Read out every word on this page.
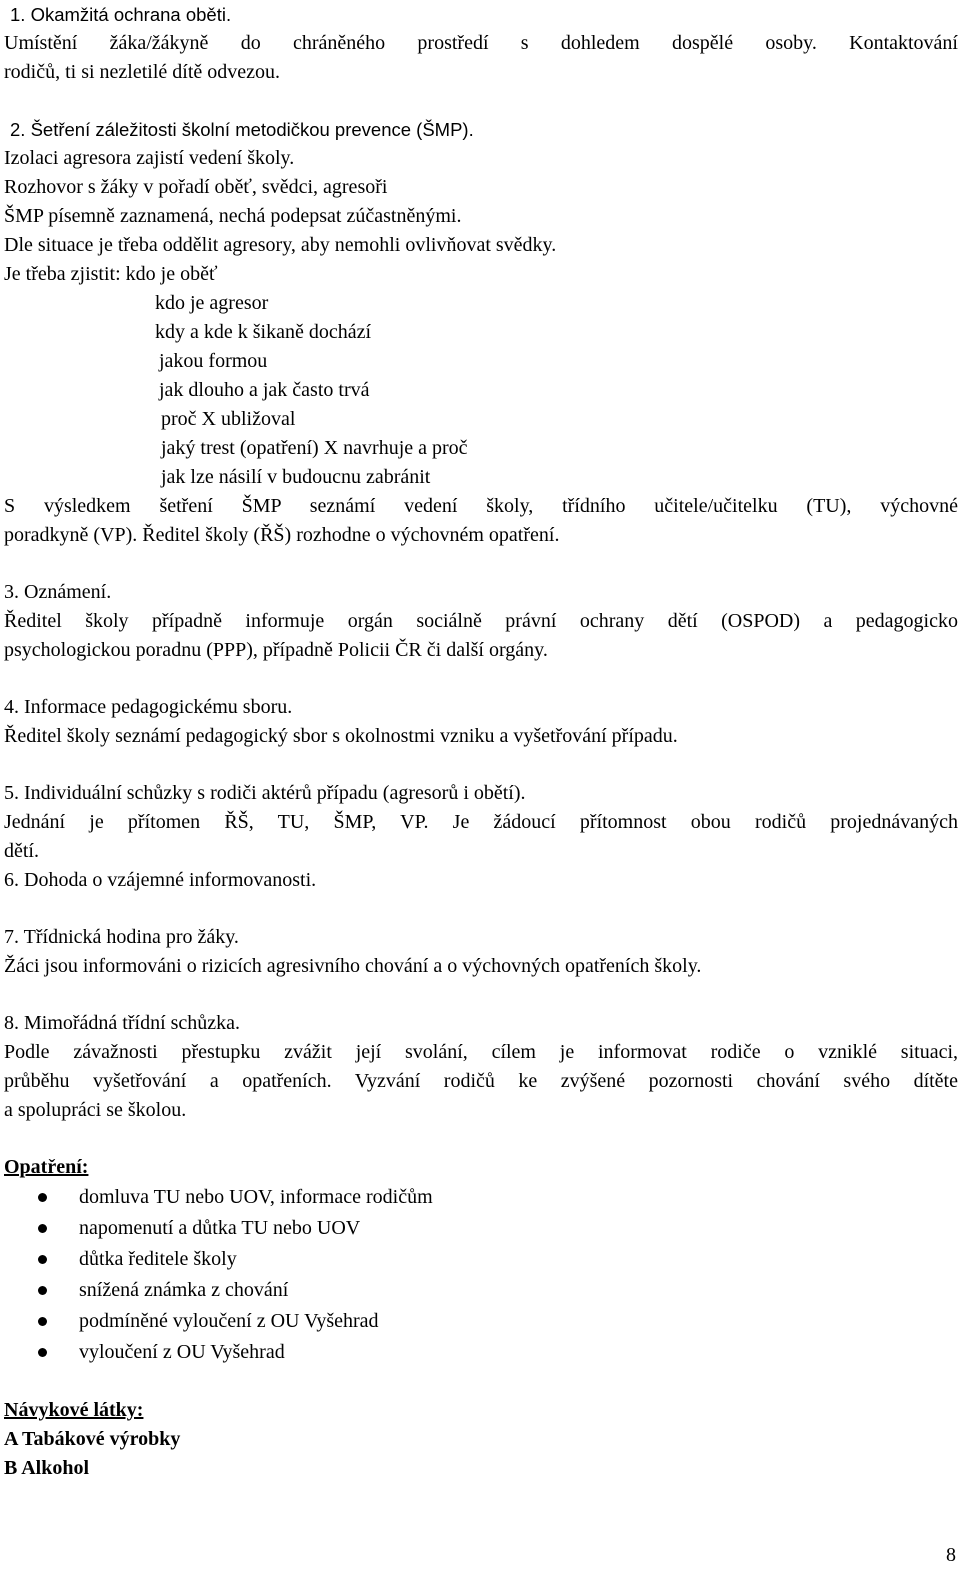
1. Okamžitá ochrana oběti.
Umístění žáka/žákyně do chráněného prostředí s dohledem dospělé osoby. Kontaktování
rodičů, ti si nezletilé dítě odvezou.
2. Šetření záležitosti školní metodičkou prevence (ŠMP).
Izolaci agresora zajistí vedení školy.
Rozhovor s žáky v pořadí oběť, svědci, agresoři
ŠMP písemně zaznamená, nechá podepsat zúčastněnými.
Dle situace je třeba oddělit agresory, aby nemohli ovlivňovat svědky.
Je třeba zjistit: kdo je oběť
kdo je agresor
kdy a kde k šikaně dochází
jakou formou
jak dlouho a jak často trvá
proč X ubližoval
jaký trest (opatření) X navrhuje a proč
jak lze násilí v budoucnu zabránit
S výsledkem šetření ŠMP seznámí vedení školy, třídního učitele/učitelku (TU), výchovné
poradkyně (VP). Ředitel školy (ŘŠ) rozhodne o výchovném opatření.
3. Oznámení.
Ředitel školy případně informuje orgán sociálně právní ochrany dětí (OSPOD) a pedagogicko
psychologickou poradnu (PPP), případně Policii ČR či další orgány.
4. Informace pedagogickému sboru.
Ředitel školy seznámí pedagogický sbor s okolnostmi vzniku a vyšetřování případu.
5. Individuální schůzky s rodiči aktérů případu (agresorů i obětí).
Jednání je přítomen ŘŠ, TU, ŠMP, VP. Je žádoucí přítomnost obou rodičů projednávaných
dětí.
6. Dohoda o vzájemné informovanosti.
7. Třídnická hodina pro žáky.
Žáci jsou informováni o rizicích agresivního chování a o výchovných opatřeních školy.
8. Mimořádná třídní schůzka.
Podle závažnosti přestupku zvážit její svolání, cílem je informovat rodiče o vzniklé situaci,
průběhu vyšetřování a opatřeních. Vyzvání rodičů ke zvýšené pozornosti chování svého dítěte
a spolupráci se školou.
Opatření:
domluva TU nebo UOV, informace rodičům
napomenutí a důtka TU nebo UOV
důtka ředitele školy
snížená známka z chování
podmíněné vyloučení z OU Vyšehrad
vyloučení z OU Vyšehrad
Návykové látky:
A Tabákové výrobky
B Alkohol
8
